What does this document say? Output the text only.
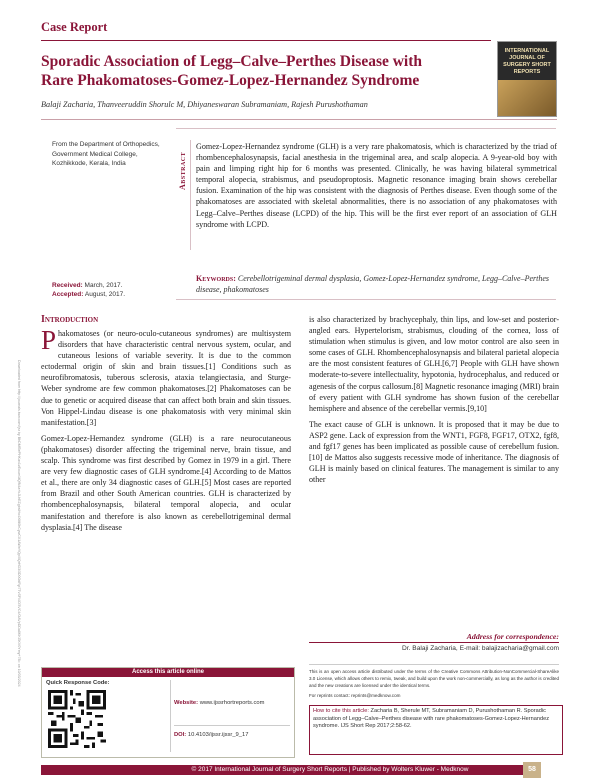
Case Report
Sporadic Association of Legg–Calve–Perthes Disease with Rare Phakomatoses-Gomez-Lopez-Hernandez Syndrome
Balaji Zacharia, Thanveeruddin Shorulc M, Dhiyaneswaran Subramaniam, Rajesh Purushothaman
INTERNATIONAL JOURNAL OF SURGERY SHORT REPORTS
From the Department of Orthopedics, Government Medical College, Kozhikkode, Kerala, India
Received: March, 2017.
Accepted: August, 2017.
Downloaded from http://journals.lww.com/ijsr by BhDMf5ePHKav1zEoum1tQfN4a+kJLhEZgbsIHo4XMi0hCywCX1AWnYQp/IlQrHD3i3D0OdRyi7TvSFl4Cf3VC4/OAVpDDa8KKGKV0Ymy+78= on 10/03/2024
Abstract
Gomez-Lopez-Hernandez syndrome (GLH) is a very rare phakomatosis, which is characterized by the triad of rhombencephalosynapsis, facial anesthesia in the trigeminal area, and scalp alopecia. A 9-year-old boy with pain and limping right hip for 6 months was presented. Clinically, he was having bilateral symmetrical temporal alopecia, strabismus, and pseudoproptosis. Magnetic resonance imaging brain shows cerebellar fusion. Examination of the hip was consistent with the diagnosis of Perthes disease. Even though some of the phakomatoses are associated with skeletal abnormalities, there is no association of any phakomatoses with Legg–Calve–Perthes disease (LCPD) of the hip. This will be the first ever report of an association of GLH syndrome with LCPD.
Keywords: Cerebellotrigeminal dermal dysplasia, Gomez-Lopez-Hernandez syndrome, Legg–Calve–Perthes disease, phakomatoses
Introduction

Phakomatoses (or neuro-oculo-cutaneous syndromes) are multisystem disorders that have characteristic central nervous system, ocular, and cutaneous lesions of variable severity. It is due to the common ectodermal origin of skin and brain tissues.[1] Conditions such as neurofibromatosis, tuberous sclerosis, ataxia telangiectasia, and Sturge-Weber syndrome are few common phakomatoses.[2] Phakomatoses can be due to genetic or acquired disease that can affect both brain and skin tissues. Von Hippel-Lindau disease is one phakomatosis with very minimal skin manifestation.[3]

Gomez-Lopez-Hernandez syndrome (GLH) is a rare neurocutaneous (phakomatoses) disorder affecting the trigeminal nerve, brain tissue, and scalp. This syndrome was first described by Gomez in 1979 in a girl. There are very few diagnostic cases of GLH syndrome.[4] According to de Mattos et al., there are only 34 diagnostic cases of GLH.[5] Most cases are reported from Brazil and other South American countries. GLH is characterized by rhombencephalosynapsis, bilateral temporal alopecia, and ocular manifestation and therefore is also known as cerebellotrigeminal dermal dysplasia.[4] The disease

is also characterized by brachycephaly, thin lips, and low-set and posterior-angled ears. Hypertelorism, strabismus, clouding of the cornea, loss of stimulation when stimulus is given, and low motor control are also seen in some cases of GLH. Rhombencephalosynapsis and bilateral parietal alopecia are the most consistent features of GLH.[6,7] People with GLH have shown moderate-to-severe intellectuality, hypotonia, hydrocephalus, and reduced or agenesis of the corpus callosum.[8] Magnetic resonance imaging (MRI) brain of every patient with GLH syndrome has shown fusion of the cerebellar hemisphere and absence of the cerebellar vermis.[9,10]

The exact cause of GLH is unknown. It is proposed that it may be due to ASP2 gene. Lack of expression from the WNT1, FGF8, FGF17, OTX2, fgf8, and fgf17 genes has been implicated as possible cause of cerebellum fusion.[10] de Mattos also suggests recessive mode of inheritance. The diagnosis of GLH is mainly based on clinical features. The management is similar to any other

Address for correspondence:
Dr. Balaji Zacharia, E-mail: balajizacharia@gmail.com
This is an open access article distributed under the terms of the Creative Commons Attribution-NonCommercial-ShareAlike 3.0 License, which allows others to remix, tweak, and build upon the work non-commercially, as long as the author is credited and the new creations are licensed under the identical terms.
For reprints contact: reprints@medknow.com
How to cite this article: Zacharia B, Sherule MT, Subramaniam D, Purushothaman R. Sporadic association of Legg–Calve–Perthes disease with rare phakomatoses-Gomez-Lopez-Hernandez syndrome. IJS Short Rep 2017;2:58-62.
Access this article online
Quick Response Code:
Website: www.ijssrhortreports.com
DOI: 10.4103/ijssr.ijssr_9_17
© 2017 International Journal of Surgery Short Reports | Published by Wolters Kluwer - Medknow	58
